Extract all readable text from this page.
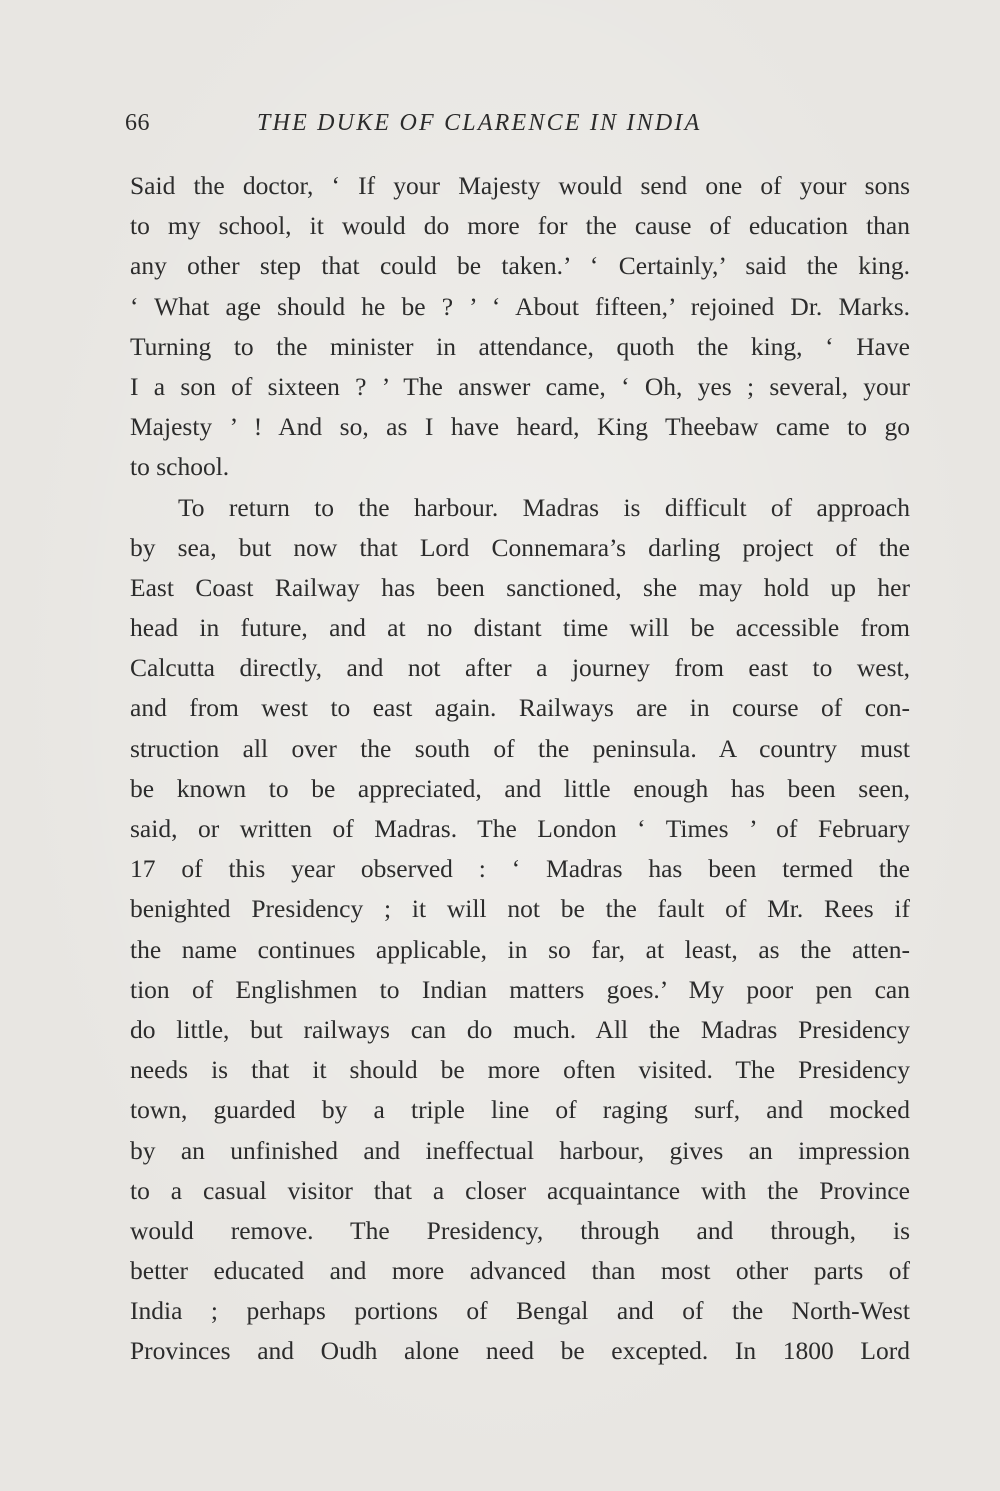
66	THE DUKE OF CLARENCE IN INDIA
Said the doctor, ‘ If your Majesty would send one of your sons
to my school, it would do more for the cause of education than
any other step that could be taken.’ ‘ Certainly,’ said the king.
‘ What age should he be ? ’ ‘ About fifteen,’ rejoined Dr. Marks.
Turning to the minister in attendance, quoth the king, ‘ Have
I a son of sixteen ? ’ The answer came, ‘ Oh, yes ; several, your
Majesty ’ ! And so, as I have heard, King Theebaw came to go
to school.
To return to the harbour. Madras is difficult of approach
by sea, but now that Lord Connemara’s darling project of the
East Coast Railway has been sanctioned, she may hold up her
head in future, and at no distant time will be accessible from
Calcutta directly, and not after a journey from east to west,
and from west to east again. Railways are in course of con-
struction all over the south of the peninsula. A country must
be known to be appreciated, and little enough has been seen,
said, or written of Madras. The London ‘ Times ’ of February
17 of this year observed : ‘ Madras has been termed the
benighted Presidency ; it will not be the fault of Mr. Rees if
the name continues applicable, in so far, at least, as the atten-
tion of Englishmen to Indian matters goes.’ My poor pen can
do little, but railways can do much. All the Madras Presidency
needs is that it should be more often visited. The Presidency
town, guarded by a triple line of raging surf, and mocked
by an unfinished and ineffectual harbour, gives an impression
to a casual visitor that a closer acquaintance with the Province
would remove. The Presidency, through and through, is
better educated and more advanced than most other parts of
India ; perhaps portions of Bengal and of the North-West
Provinces and Oudh alone need be excepted. In 1800 Lord
